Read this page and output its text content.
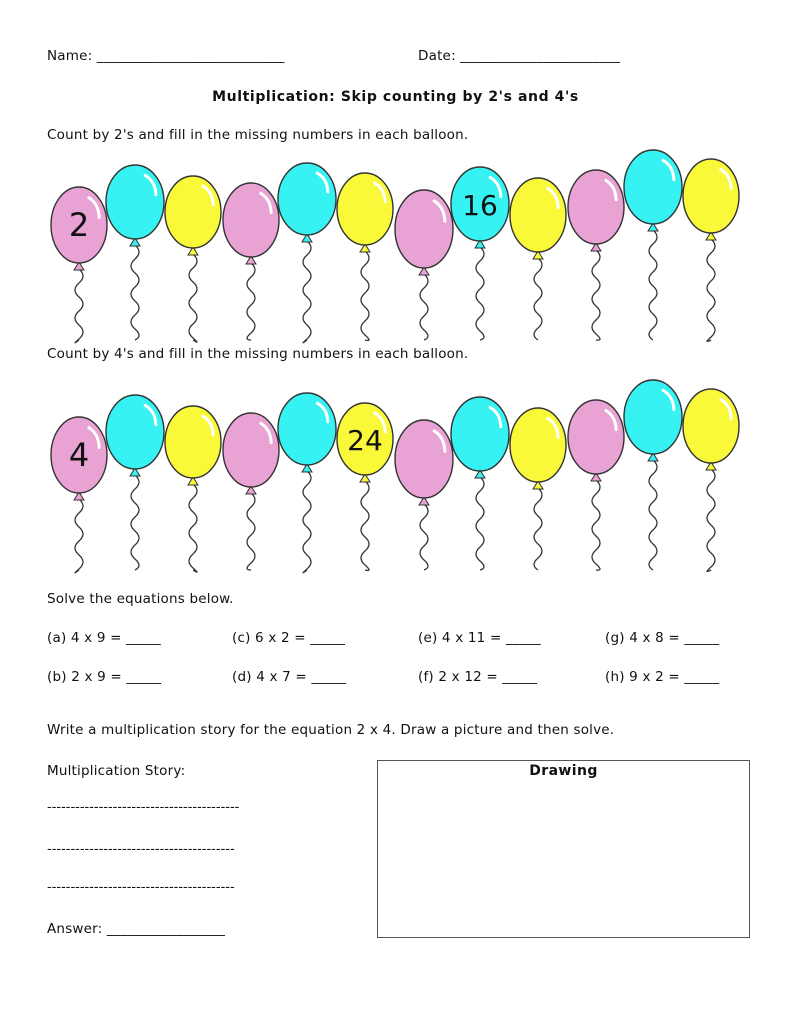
Name: ___________________________	Date: _______________________
Multiplication: Skip counting by 2's and 4's
Count by 2's and fill in the missing numbers in each balloon.
2
16
Count by 4's and fill in the missing numbers in each balloon.
4	24
Solve the equations below.
(a) 4 x 9 = _____	(c) 6 x 2 = _____	(e) 4 x 11 = _____	(g) 4 x 8 = _____
(b) 2 x 9 = _____	(d) 4 x 7 = _____	(f) 2 x 12 = _____	(h) 9 x 2 = _____
Write a multiplication story for the equation 2 x 4. Draw a picture and then solve.
Multiplication Story:
-----------------------------------------
----------------------------------------
----------------------------------------
Answer: _________________
Drawing
